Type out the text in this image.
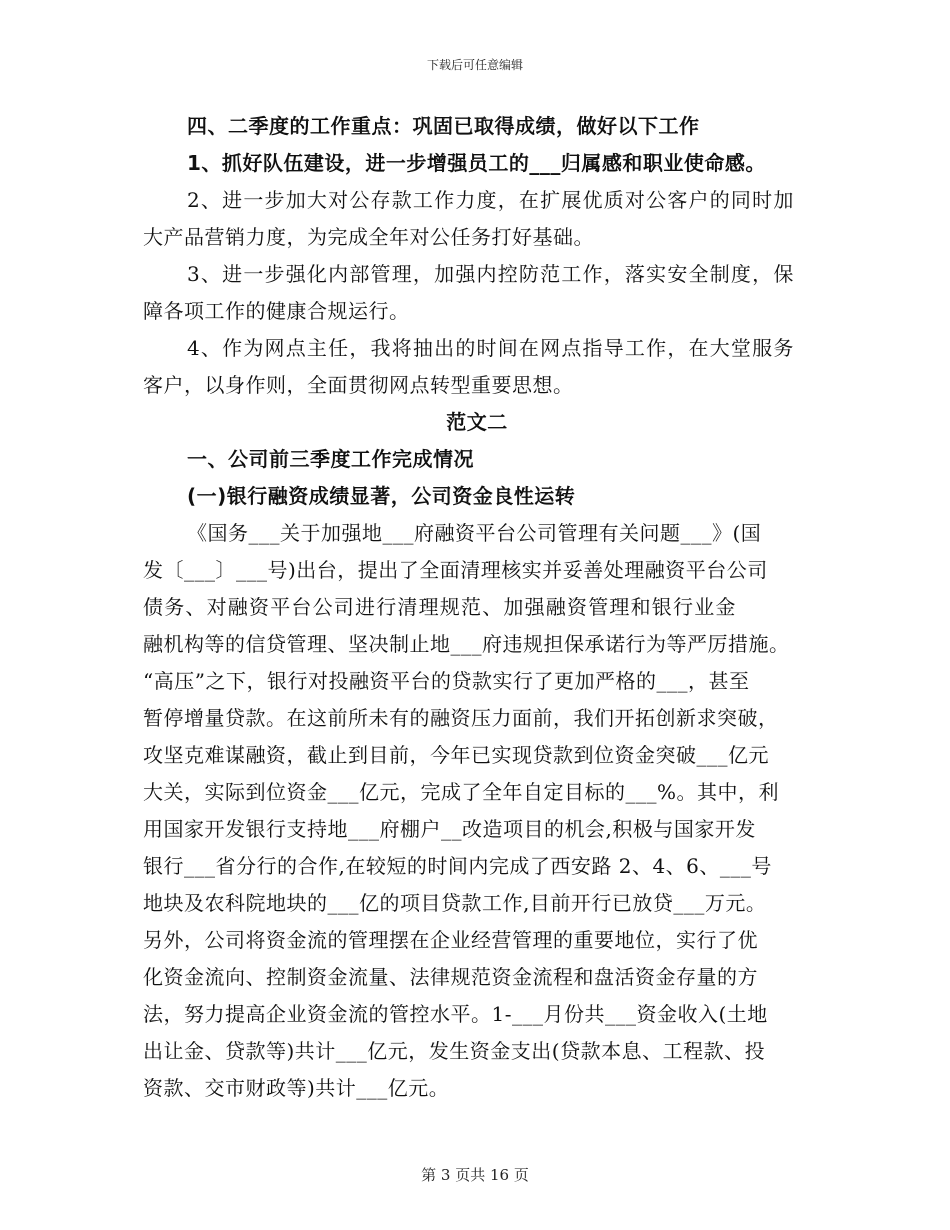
下载后可任意编辑
四、二季度的工作重点：巩固已取得成绩，做好以下工作
1、抓好队伍建设，进一步增强员工的___归属感和职业使命感。
2、进一步加大对公存款工作力度，在扩展优质对公客户的同时加
大产品营销力度，为完成全年对公任务打好基础。
3、进一步强化内部管理，加强内控防范工作，落实安全制度，保
障各项工作的健康合规运行。
4、作为网点主任，我将抽出的时间在网点指导工作，在大堂服务
客户，以身作则，全面贯彻网点转型重要思想。
范文二
一、公司前三季度工作完成情况
(一)银行融资成绩显著，公司资金良性运转
《国务___关于加强地___府融资平台公司管理有关问题___》(国
发〔___〕___号)出台，提出了全面清理核实并妥善处理融资平台公司
债务、对融资平台公司进行清理规范、加强融资管理和银行业金
融机构等的信贷管理、坚决制止地___府违规担保承诺行为等严厉措施。
“高压”之下，银行对投融资平台的贷款实行了更加严格的___，甚至
暂停增量贷款。在这前所未有的融资压力面前，我们开拓创新求突破，
攻坚克难谋融资，截止到目前，今年已实现贷款到位资金突破___亿元
大关，实际到位资金___亿元，完成了全年自定目标的___%。其中，利
用国家开发银行支持地___府棚户__改造项目的机会,积极与国家开发
银行___省分行的合作,在较短的时间内完成了西安路 2、4、6、___号
地块及农科院地块的___亿的项目贷款工作,目前开行已放贷___万元。
另外，公司将资金流的管理摆在企业经营管理的重要地位，实行了优
化资金流向、控制资金流量、法律规范资金流程和盘活资金存量的方
法，努力提高企业资金流的管控水平。1-___月份共___资金收入(土地
出让金、贷款等)共计___亿元，发生资金支出(贷款本息、工程款、投
资款、交市财政等)共计___亿元。
第 3 页共 16 页
